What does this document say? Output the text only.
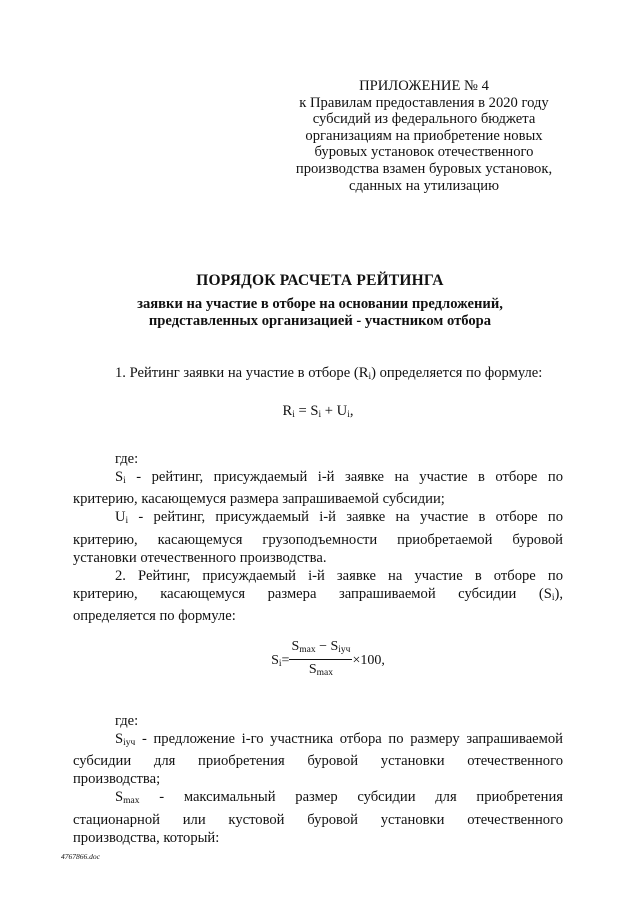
ПРИЛОЖЕНИЕ № 4
к Правилам предоставления в 2020 году
субсидий из федерального бюджета
организациям на приобретение новых
буровых установок отечественного
производства взамен буровых установок,
сданных на утилизацию
ПОРЯДОК РАСЧЕТА РЕЙТИНГА
заявки на участие в отборе на основании предложений,
представленных организацией - участником отбора

1. Рейтинг заявки на участие в отборе $(R_i)$ определяется по формуле:

$R_i = S_i + U_i$,

где:

$S_i$ - рейтинг, присуждаемый i-й заявке на участие в отборе по

критерию, касающемуся размера запрашиваемой субсидии;

$U_i$ - рейтинг, присуждаемый i-й заявке на участие в отборе по

критерию, касающемуся грузоподъемности приобретаемой буровой

установки отечественного производства.

2. Рейтинг, присуждаемый i-й заявке на участие в отборе по

критерию, касающемуся размера запрашиваемой субсидии $(S_i)$,

определяется по формуле:

$S_i= \frac{S_{max} - S_{iуч}}{S_{max}} \times 100$,

где:

$S_{iуч}$ - предложение i-го участника отбора по размеру запрашиваемой

субсидии для приобретения буровой установки отечественного

производства;

$S_{max}$ - максимальный размер субсидии для приобретения

стационарной или кустовой буровой установки отечественного

производства, который:

4767866.doc
